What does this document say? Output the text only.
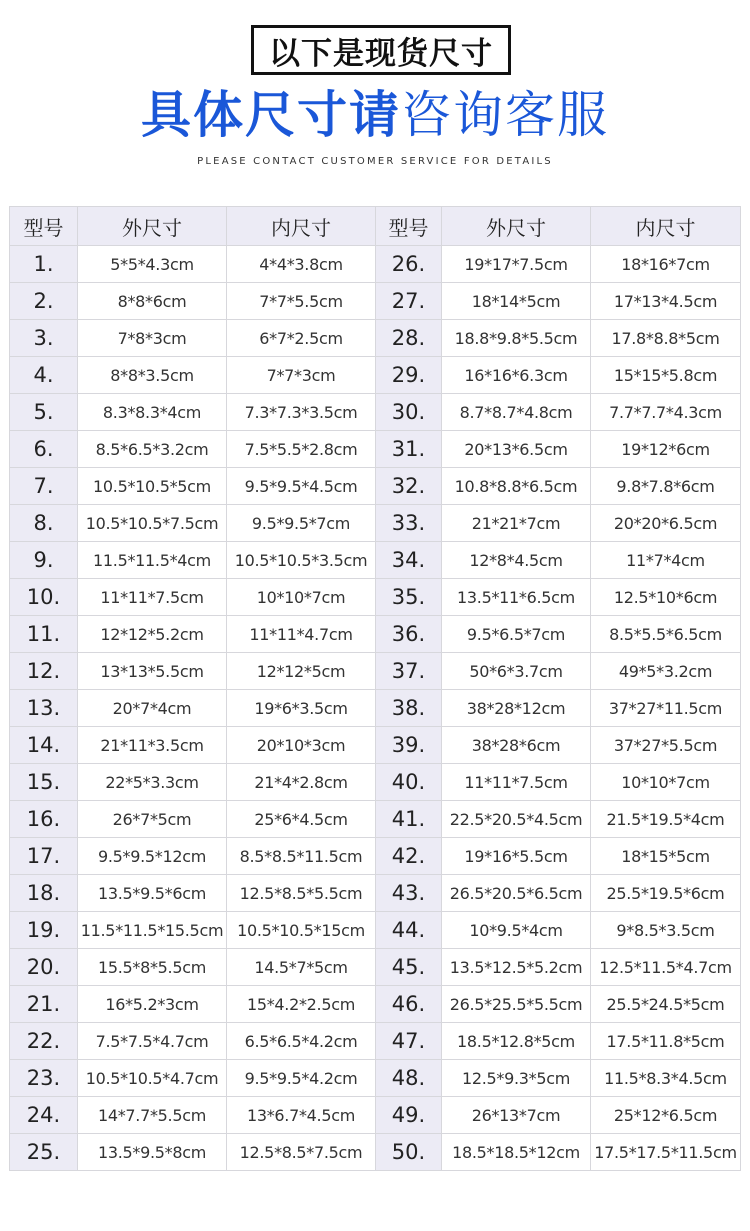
以下是现货尺寸
具体尺寸请 咨询客服
PLEASE CONTACT CUSTOMER SERVICE FOR DETAILS
型号	外尺寸	内尺寸	型号	外尺寸	内尺寸
1.	5*5*4.3cm	4*4*3.8cm	26.	19*17*7.5cm	18*16*7cm
2.	8*8*6cm	7*7*5.5cm	27.	18*14*5cm	17*13*4.5cm
3.	7*8*3cm	6*7*2.5cm	28.	18.8*9.8*5.5cm	17.8*8.8*5cm
4.	8*8*3.5cm	7*7*3cm	29.	16*16*6.3cm	15*15*5.8cm
5.	8.3*8.3*4cm	7.3*7.3*3.5cm	30.	8.7*8.7*4.8cm	7.7*7.7*4.3cm
6.	8.5*6.5*3.2cm	7.5*5.5*2.8cm	31.	20*13*6.5cm	19*12*6cm
7.	10.5*10.5*5cm	9.5*9.5*4.5cm	32.	10.8*8.8*6.5cm	9.8*7.8*6cm
8.	10.5*10.5*7.5cm	9.5*9.5*7cm	33.	21*21*7cm	20*20*6.5cm
9.	11.5*11.5*4cm	10.5*10.5*3.5cm	34.	12*8*4.5cm	11*7*4cm
10.	11*11*7.5cm	10*10*7cm	35.	13.5*11*6.5cm	12.5*10*6cm
11.	12*12*5.2cm	11*11*4.7cm	36.	9.5*6.5*7cm	8.5*5.5*6.5cm
12.	13*13*5.5cm	12*12*5cm	37.	50*6*3.7cm	49*5*3.2cm
13.	20*7*4cm	19*6*3.5cm	38.	38*28*12cm	37*27*11.5cm
14.	21*11*3.5cm	20*10*3cm	39.	38*28*6cm	37*27*5.5cm
15.	22*5*3.3cm	21*4*2.8cm	40.	11*11*7.5cm	10*10*7cm
16.	26*7*5cm	25*6*4.5cm	41.	22.5*20.5*4.5cm	21.5*19.5*4cm
17.	9.5*9.5*12cm	8.5*8.5*11.5cm	42.	19*16*5.5cm	18*15*5cm
18.	13.5*9.5*6cm	12.5*8.5*5.5cm	43.	26.5*20.5*6.5cm	25.5*19.5*6cm
19.	11.5*11.5*15.5cm	10.5*10.5*15cm	44.	10*9.5*4cm	9*8.5*3.5cm
20.	15.5*8*5.5cm	14.5*7*5cm	45.	13.5*12.5*5.2cm	12.5*11.5*4.7cm
21.	16*5.2*3cm	15*4.2*2.5cm	46.	26.5*25.5*5.5cm	25.5*24.5*5cm
22.	7.5*7.5*4.7cm	6.5*6.5*4.2cm	47.	18.5*12.8*5cm	17.5*11.8*5cm
23.	10.5*10.5*4.7cm	9.5*9.5*4.2cm	48.	12.5*9.3*5cm	11.5*8.3*4.5cm
24.	14*7.7*5.5cm	13*6.7*4.5cm	49.	26*13*7cm	25*12*6.5cm
25.	13.5*9.5*8cm	12.5*8.5*7.5cm	50.	18.5*18.5*12cm	17.5*17.5*11.5cm
